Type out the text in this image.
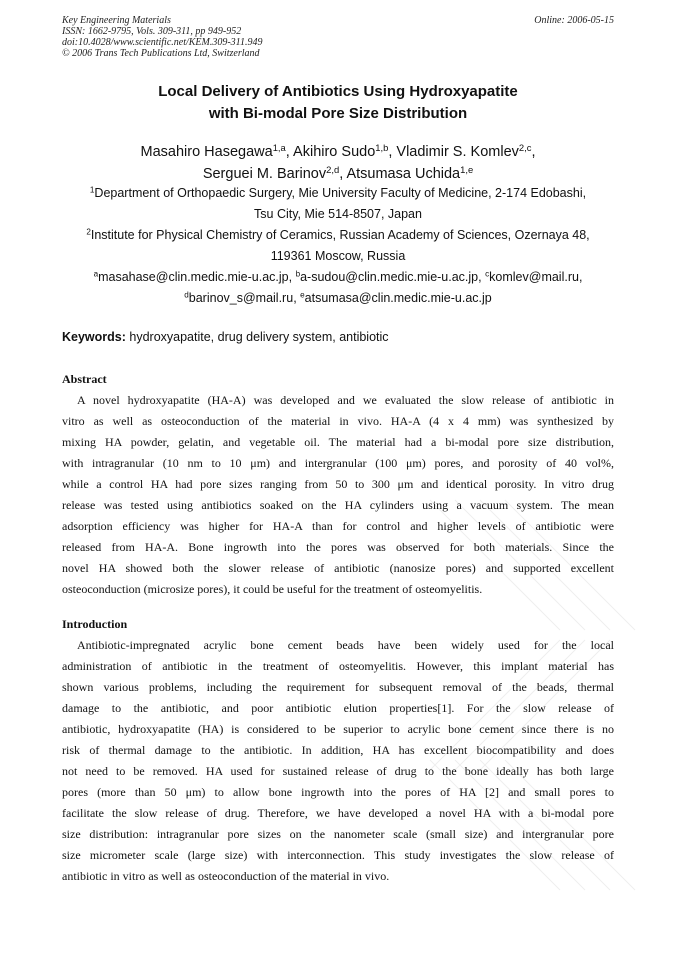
Key Engineering Materials
ISSN: 1662-9795, Vols. 309-311, pp 949-952
doi:10.4028/www.scientific.net/KEM.309-311.949
© 2006 Trans Tech Publications Ltd, Switzerland
Online: 2006-05-15
Local Delivery of Antibiotics Using Hydroxyapatite
with Bi-modal Pore Size Distribution
Masahiro Hasegawa$^{1,a}$, Akihiro Sudo$^{1,b}$, Vladimir S. Komlev$^{2,c}$,
Serguei M. Barinov$^{2,d}$, Atsumasa Uchida$^{1,e}$

$^1$Department of Orthopaedic Surgery, Mie University Faculty of Medicine, 2-174 Edobashi,

Tsu City, Mie 514-8507, Japan

$^2$Institute for Physical Chemistry of Ceramics, Russian Academy of Sciences, Ozernaya 48,

119361 Moscow, Russia

$^a$masahase@clin.medic.mie-u.ac.jp, $^b$a-sudou@clin.medic.mie-u.ac.jp, $^c$komlev@mail.ru,

$^d$barinov_s@mail.ru, $^e$atsumasa@clin.medic.mie-u.ac.jp

Keywords: hydroxyapatite, drug delivery system, antibiotic
Abstract
A novel hydroxyapatite (HA-A) was developed and we evaluated the slow release of antibiotic in
vitro as well as osteoconduction of the material in vivo. HA-A (4 x 4 mm) was synthesized by
mixing HA powder, gelatin, and vegetable oil. The material had a bi-modal pore size distribution,
with intragranular (10 nm to 10 μm) and intergranular (100 μm) pores, and porosity of 40 vol%,
while a control HA had pore sizes ranging from 50 to 300 μm and identical porosity. In vitro drug
release was tested using antibiotics soaked on the HA cylinders using a vacuum system. The mean
adsorption efficiency was higher for HA-A than for control and higher levels of antibiotic were
released from HA-A. Bone ingrowth into the pores was observed for both materials. Since the
novel HA showed both the slower release of antibiotic (nanosize pores) and supported excellent
osteoconduction (microsize pores), it could be useful for the treatment of osteomyelitis.
Introduction
Antibiotic-impregnated acrylic bone cement beads have been widely used for the local
administration of antibiotic in the treatment of osteomyelitis. However, this implant material has
shown various problems, including the requirement for subsequent removal of the beads, thermal
damage to the antibiotic, and poor antibiotic elution properties[1]. For the slow release of
antibiotic, hydroxyapatite (HA) is considered to be superior to acrylic bone cement since there is no
risk of thermal damage to the antibiotic. In addition, HA has excellent biocompatibility and does
not need to be removed. HA used for sustained release of drug to the bone ideally has both large
pores (more than 50 μm) to allow bone ingrowth into the pores of HA [2] and small pores to
facilitate the slow release of drug. Therefore, we have developed a novel HA with a bi-modal pore
size distribution: intragranular pore sizes on the nanometer scale (small size) and intergranular pore
size micrometer scale (large size) with interconnection. This study investigates the slow release of
antibiotic in vitro as well as osteoconduction of the material in vivo.
